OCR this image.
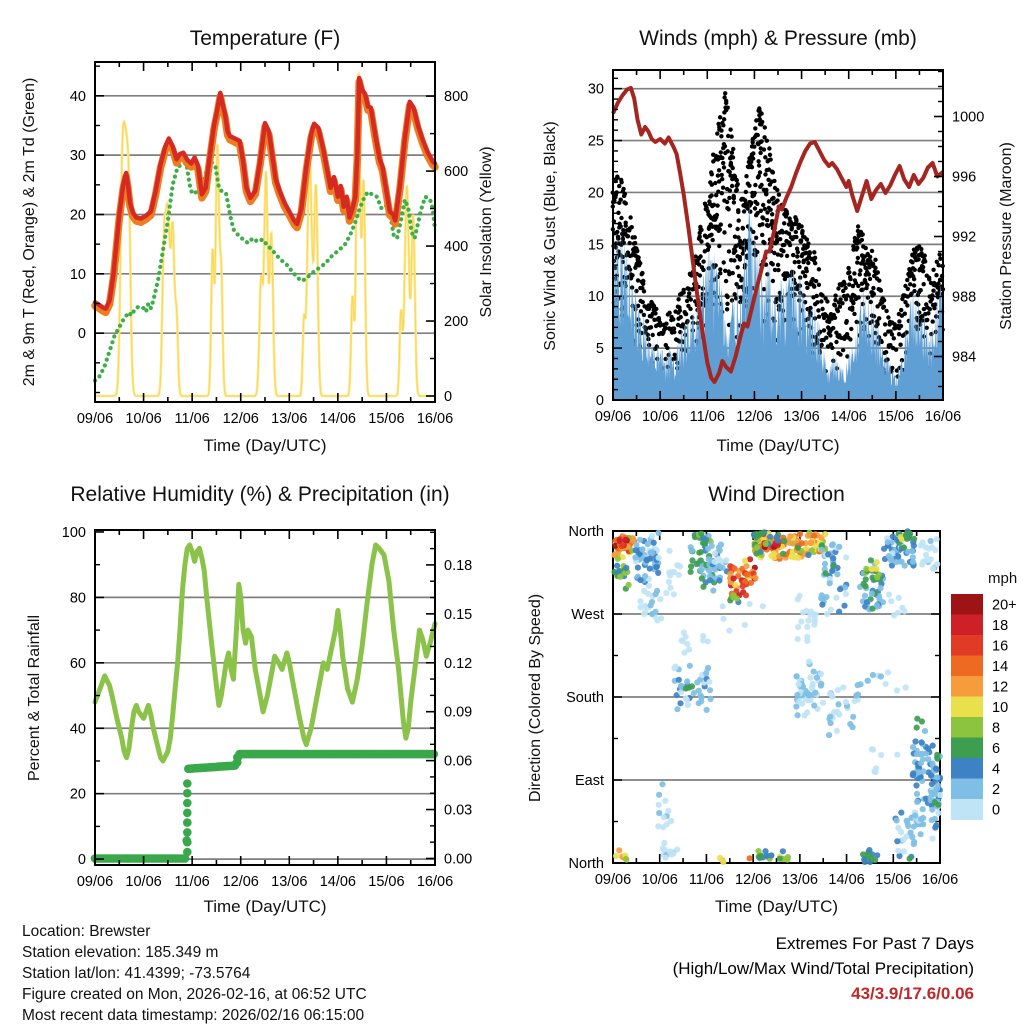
09/06 10/06 11/06 12/06 13/06 14/06 15/06 16/06
0
10
20
30
40
0
200
400
600
800
09/06 10/06 11/06 12/06 13/06 14/06 15/06 16/06
0
5
10
15
20
25
30
984
988
992
996
1000
09/06 10/06 11/06 12/06 13/06 14/06 15/06 16/06
0
20
40
60
80
100
0.00
0.03
0.06
0.09
0.12
0.15
0.18
09/06 10/06 11/06 12/06 13/06 14/06 15/06 16/06
North
West
South
East
North
20+
18
16
14
12
10
8
6
4
2
0
Temperature (F)	Winds (mph) & Pressure (mb)
Relative Humidity (%) & Precipitation (in)	Wind Direction
Time (Day/UTC)	Time (Day/UTC)
Time (Day/UTC)	Time (Day/UTC)
2m & 9m T (Red, Orange) & 2m Td (Green)	Solar Insolation (Yellow)	Sonic Wind & Gust (Blue, Black)	Station Pressure (Maroon)
Percent & Total Rainfall	Direction (Colored By Speed)
mph
Location: Brewster
Station elevation: 185.349 m
Station lat/lon: 41.4399; -73.5764
Figure created on Mon, 2026-02-16, at 06:52 UTC
Most recent data timestamp: 2026/02/16 06:15:00
Extremes For Past 7 Days
(High/Low/Max Wind/Total Precipitation)
43/3.9/17.6/0.06
